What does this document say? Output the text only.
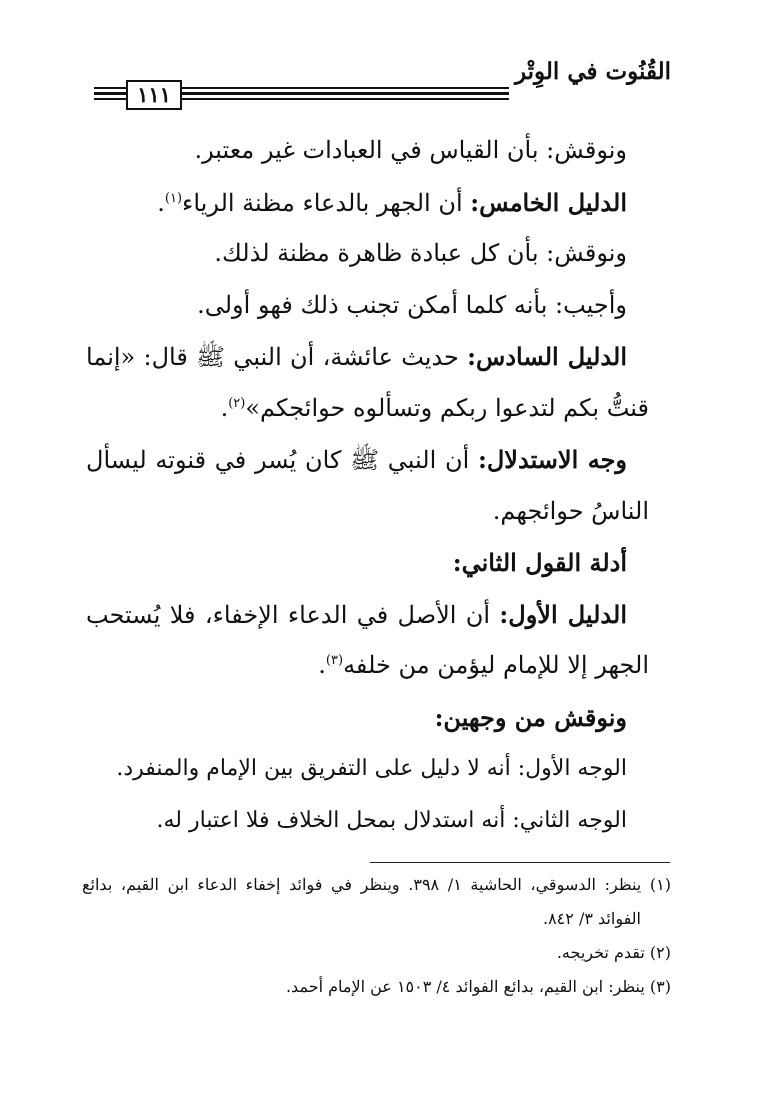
القُنُوت في الوِتْر
١١١
ونوقش: بأن القياس في العبادات غير معتبر.
الدليل الخامس: أن الجهر بالدعاء مظنة الرياء$^{(١)}$.
ونوقش: بأن كل عبادة ظاهرة مظنة لذلك.
وأجيب: بأنه كلما أمكن تجنب ذلك فهو أولى.
الدليل السادس: حديث عائشة، أن النبي ﷺ قال: «إنما
قنتُّ بكم لتدعوا ربكم وتسألوه حوائجكم»$^{(٢)}$.
وجه الاستدلال: أن النبي ﷺ كان يُسر في قنوته ليسأل
الناسُ حوائجهم.
أدلة القول الثاني:
الدليل الأول: أن الأصل في الدعاء الإخفاء، فلا يُستحب
الجهر إلا للإمام ليؤمن من خلفه$^{(٣)}$.
ونوقش من وجهين:
الوجه الأول: أنه لا دليل على التفريق بين الإمام والمنفرد.
الوجه الثاني: أنه استدلال بمحل الخلاف فلا اعتبار له.
(١) ينظر: الدسوقي، الحاشية ١/ ٣٩٨. وينظر في فوائد إخفاء الدعاء ابن القيم، بدائع
الفوائد ٣/ ٨٤٢.
(٢) تقدم تخريجه.
(٣) ينظر: ابن القيم، بدائع الفوائد ٤/ ١٥٠٣ عن الإمام أحمد.
